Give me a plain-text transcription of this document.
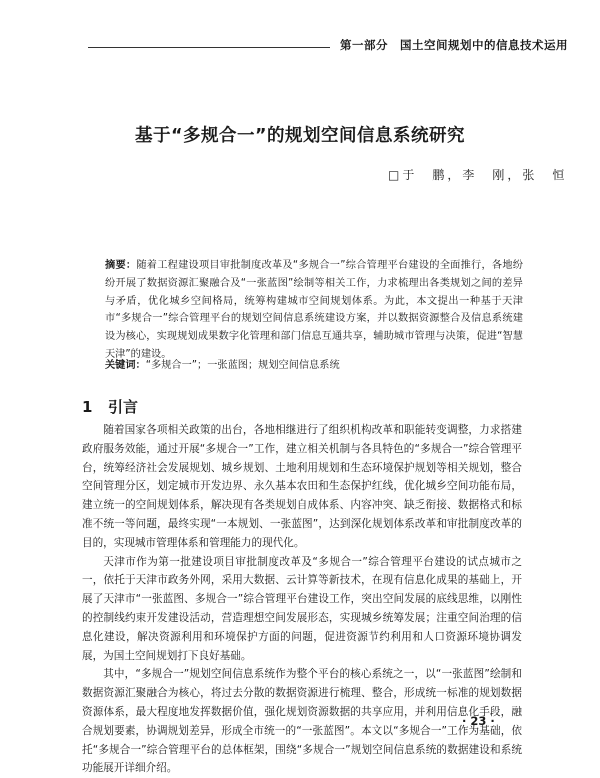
第一部分　国土空间规划中的信息技术运用
基于“多规合一”的规划空间信息系统研究
□于　鹏，李　刚，张　恒
摘要：随着工程建设项目审批制度改革及“多规合一”综合管理平台建设的全面推行，各地纷纷开展了数据资源汇聚融合及“一张蓝图”绘制等相关工作，力求梳理出各类规划之间的差异与矛盾，优化城乡空间格局，统筹构建城市空间规划体系。为此，本文提出一种基于天津市“多规合一”综合管理平台的规划空间信息系统建设方案，并以数据资源整合及信息系统建设为核心，实现规划成果数字化管理和部门信息互通共享，辅助城市管理与决策，促进“智慧天津”的建设。
关键词：“多规合一”；一张蓝图；规划空间信息系统
1 引言

随着国家各项相关政策的出台，各地相继进行了组织机构改革和职能转变调整，力求搭建政府服务效能，通过开展“多规合一”工作，建立相关机制与各具特色的“多规合一”综合管理平台，统筹经济社会发展规划、城乡规划、土地利用规划和生态环境保护规划等相关规划，整合空间管理分区，划定城市开发边界、永久基本农田和生态保护红线，优化城乡空间功能布局，建立统一的空间规划体系，解决现有各类规划自成体系、内容冲突、缺乏衔接、数据格式和标准不统一等问题，最终实现“一本规划、一张蓝图”，达到深化规划体系改革和审批制度改革的目的，实现城市管理体系和管理能力的现代化。

天津市作为第一批建设项目审批制度改革及“多规合一”综合管理平台建设的试点城市之一，依托于天津市政务外网，采用大数据、云计算等新技术，在现有信息化成果的基础上，开展了天津市“一张蓝图、多规合一”综合管理平台建设工作，突出空间发展的底线思维，以刚性的控制线约束开发建设活动，营造理想空间发展形态，实现城乡统筹发展；注重空间治理的信息化建设，解决资源利用和环境保护方面的问题，促进资源节约利用和人口资源环境协调发展，为国土空间规划打下良好基础。

其中，“多规合一”规划空间信息系统作为整个平台的核心系统之一，以“一张蓝图”绘制和数据资源汇聚融合为核心，将过去分散的数据资源进行梳理、整合，形成统一标准的规划数据资源体系，最大程度地发挥数据价值，强化规划资源数据的共享应用，并利用信息化手段，融合规划要素，协调规划差异，形成全市统一的“一张蓝图”。本文以“多规合一”工作为基础，依托“多规合一”综合管理平台的总体框架，围绕“多规合一”规划空间信息系统的数据建设和系统功能展开详细介绍。

· 23 ·
